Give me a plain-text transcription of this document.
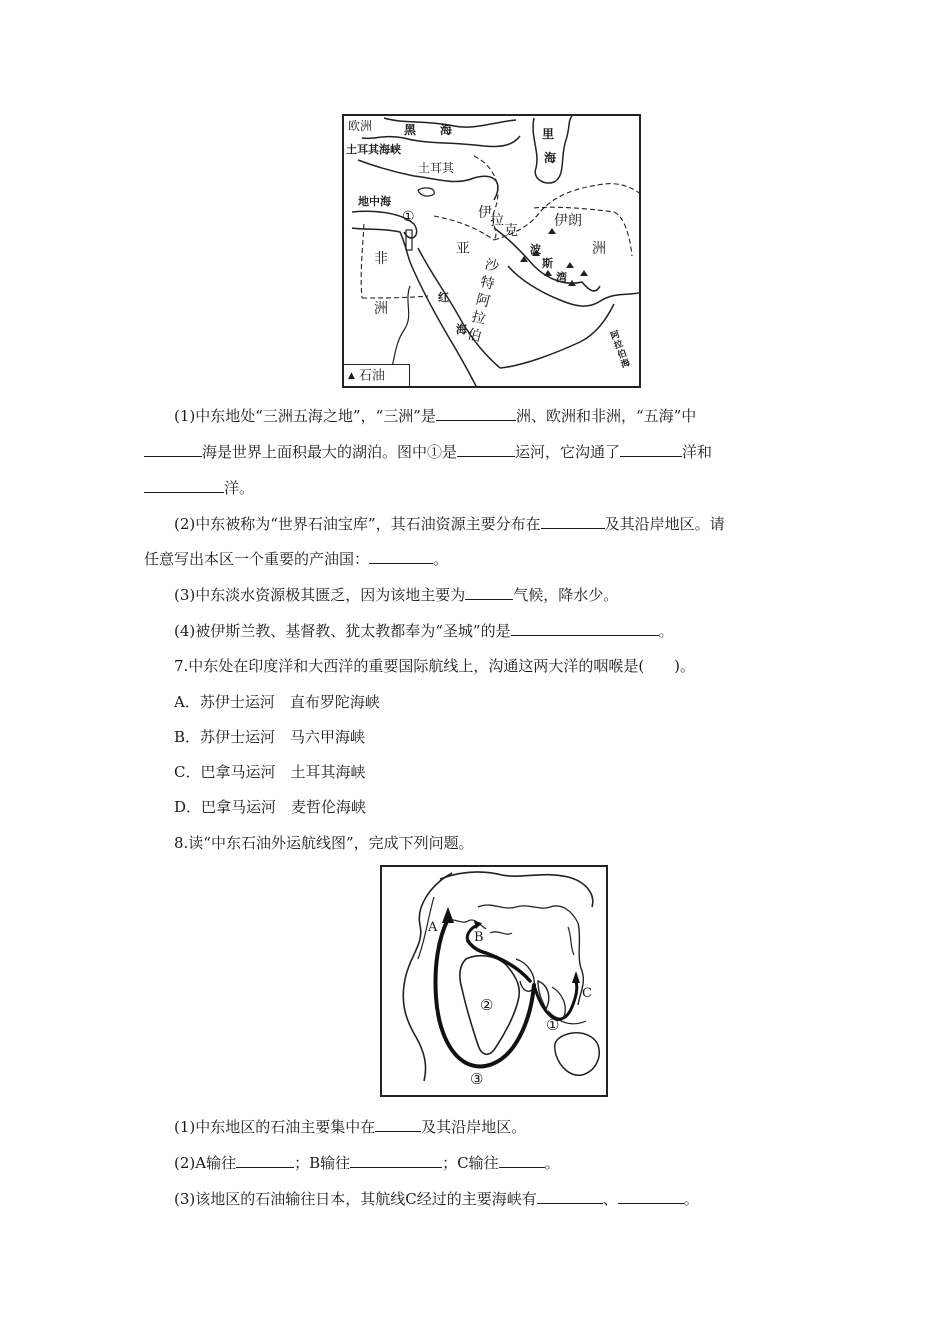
欧洲	黑 海	里
海
土耳其海峡
土耳其
地中海
①	伊
拉
克
伊朗
洲
非
洲
亚
沙特阿拉伯
波
斯
湾
红
海
阿拉伯海
▲ 石油
(1)中东地处“三洲五海之地”，“三洲”是	洲、欧洲和非洲，“五海”中
海是世界上面积最大的湖泊。图中①是	运河，它沟通了	洋和
洋。
(2)中东被称为“世界石油宝库”，其石油资源主要分布在	及其沿岸地区。请
任意写出本区一个重要的产油国：	。
(3)中东淡水资源极其匮乏，因为该地主要为	气候，降水少。
(4)被伊斯兰教、基督教、犹太教都奉为“圣城”的是	。
7.中东处在印度洋和大西洋的重要国际航线上，沟通这两大洋的咽喉是(　　)。
A．苏伊士运河　直布罗陀海峡
B．苏伊士运河　马六甲海峡
C．巴拿马运河　土耳其海峡
D．巴拿马运河　麦哲伦海峡
8.读“中东石油外运航线图”，完成下列问题。
A
B
C
①
②
③
(1)中东地区的石油主要集中在	及其沿岸地区。
(2)A输往	；B输往	；C输往	。
(3)该地区的石油输往日本，其航线C经过的主要海峡有	、	。
